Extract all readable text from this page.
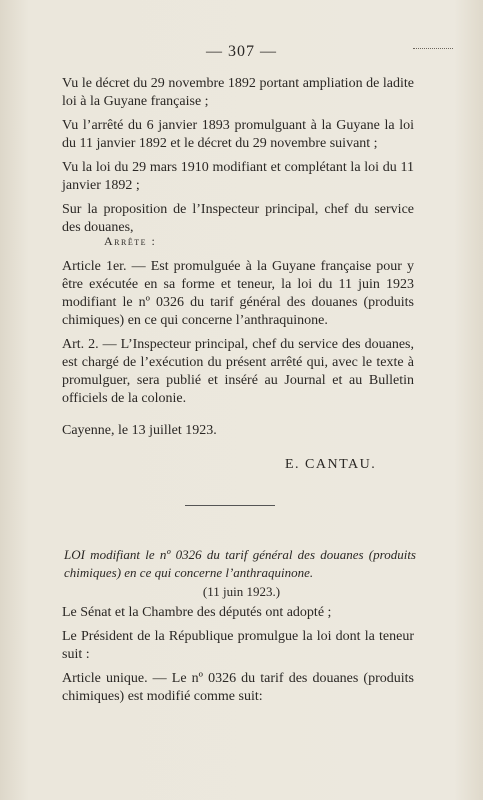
— 307 —

Vu le décret du 29 novembre 1892 portant ampliation de ladite loi à la Guyane française ;

Vu l’arrêté du 6 janvier 1893 promulguant à la Guyane la loi du 11 janvier 1892 et le décret du 29 novembre suivant ;

Vu la loi du 29 mars 1910 modifiant et complétant la loi du 11 janvier 1892 ;

Sur la proposition de l’Inspecteur principal, chef du service des douanes,

Arrête :

Article 1er. — Est promulguée à la Guyane française pour y être exécutée en sa forme et teneur, la loi du 11 juin 1923 modifiant le nº 0326 du tarif général des douanes (produits chimiques) en ce qui concerne l’anthraquinone.

Art. 2. — L’Inspecteur principal, chef du service des douanes, est chargé de l’exécution du présent arrêté qui, avec le texte à promulguer, sera publié et inséré au Journal et au Bulletin officiels de la colonie.

Cayenne, le 13 juillet 1923.

E. CANTAU.
LOI modifiant le nº 0326 du tarif général des douanes (produits chimiques) en ce qui concerne l’anthraquinone.
(11 juin 1923.)

Le Sénat et la Chambre des députés ont adopté ;

Le Président de la République promulgue la loi dont la teneur suit :

Article unique. — Le nº 0326 du tarif des douanes (produits chimiques) est modifié comme suit:
